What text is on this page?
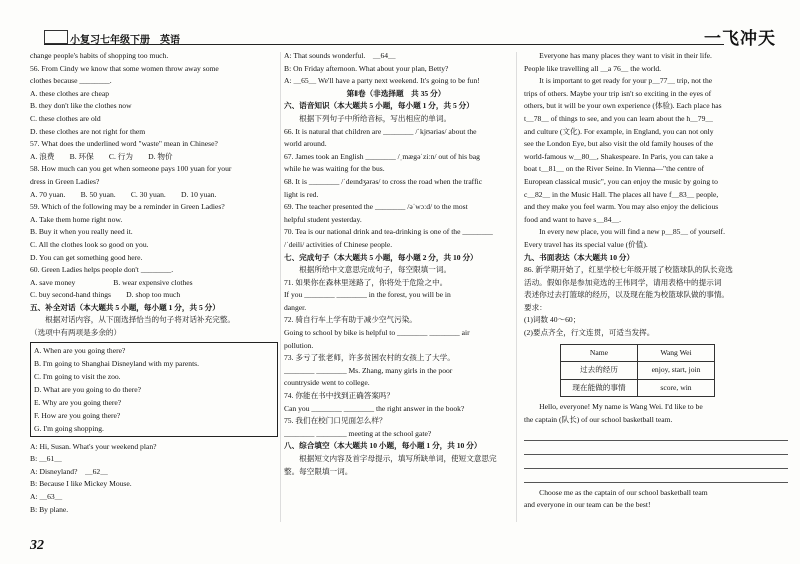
小复习七年级下册　英语	一飞冲天
change people's habits of shopping too much.
56. From Cindy we know that some women throw away some
clothes because ________.
A. these clothes are cheap
B. they don't like the clothes now
C. these clothes are old
D. these clothes are not right for them
57. What does the underlined word "waste" mean in Chinese?
A. 浪费　　B. 环保　　C. 行为　　D. 物价
58. How much can you get when someone pays 100 yuan for your
dress in Green Ladies?
A. 70 yuan.　　B. 50 yuan.　　C. 30 yuan.　　D. 10 yuan.
59. Which of the following may be a reminder in Green Ladies?
A. Take them home right now.
B. Buy it when you really need it.
C. All the clothes look so good on you.
D. You can get something good here.
60. Green Ladies helps people don't ________.
A. save money　　　　　B. wear expensive clothes
C. buy second-hand things　　D. shop too much
五、补全对话（本大题共 5 小题，每小题 1 分，共 5 分）
　　根据对话内容，从下面选择恰当的句子将对话补充完整。
（选项中有两项是多余的）
A. When are you going there?
B. I'm going to Shanghai Disneyland with my parents.
C. I'm going to visit the zoo.
D. What are you going to do there?
E. Why are you going there?
F. How are you going there?
G. I'm going shopping.
A: Hi, Susan. What's your weekend plan?
B: ＿61＿
A: Disneyland?　＿62＿
B: Because I like Mickey Mouse.
A: ＿63＿
B: By plane.
A: That sounds wonderful.　＿64＿
B: On Friday afternoon. What about your plan, Betty?
A: ＿65＿ We'll have a party next weekend. It's going to be fun!
第Ⅱ卷（非选择题　共 35 分）
六、语音知识（本大题共 5 小题，每小题 1 分，共 5 分）
　　根据下列句子中所给音标，写出相应的单词。
66. It is natural that children are ________ /ˈkjʊəriəs/ about the
world around.
67. James took an English ________ /ˌmægəˈziːn/ out of his bag
while he was waiting for the bus.
68. It is ________ /ˈdeɪndʒərəs/ to cross the road when the traffic
light is red.
69. The teacher presented the ________ /əˈwɔːd/ to the most
helpful student yesterday.
70. Tea is our national drink and tea-drinking is one of the ________
/ˈdeili/ activities of Chinese people.
七、完成句子（本大题共 5 小题，每小题 2 分，共 10 分）
　　根据所给中文意思完成句子，每空限填一词。
71. 如果你在森林里迷路了，你将处于危险之中。
If you ________ ________ in the forest, you will be in
danger.
72. 骑自行车上学有助于减少空气污染。
Going to school by bike is helpful to ________ ________ air
pollution.
73. 多亏了张老师，许多贫困农村的女孩上了大学。
________ ________ Ms. Zhang, many girls in the poor
countryside went to college.
74. 你能在书中找到正确答案吗？
Can you ________ ________ the right answer in the book?
75. 我们在校门口见面怎么样？
________ ________ meeting at the school gate?
八、综合填空（本大题共 10 小题，每小题 1 分，共 10 分）
　　根据短文内容及首字母提示，填写所缺单词，使短文意思完
整。每空限填一词。
　　Everyone has many places they want to visit in their life.
People like travelling all ＿a 76＿ the world.
　　It is important to get ready for your p＿77＿ trip, not the
trips of others. Maybe your trip isn't so exciting in the eyes of
others, but it will be your own experience (体验). Each place has
t＿78＿ of things to see, and you can learn about the h＿79＿
and culture (文化). For example, in England, you can not only
see the London Eye, but also visit the old family houses of the
world-famous w＿80＿, Shakespeare. In Paris, you can take a
boat t＿81＿ on the River Seine. In Vienna—"the centre of
European classical music", you can enjoy the music by going to
c＿82＿ in the Music Hall. The places all have f＿83＿ people,
and they make you feel warm. You may also enjoy the delicious
food and want to have s＿84＿.
　　In every new place, you will find a new p＿85＿ of yourself.
Every travel has its special value (价值).
九、书面表达（本大题共 10 分）
86. 新学期开始了，红星学校七年级开展了校篮球队的队长竞选
活动。假如你是参加竞选的王伟同学，请用表格中的提示词
表述你过去打篮球的经历，以及现在能为校篮球队做的事情。
要求：
(1)词数 40～60；
(2)要点齐全，行文连贯，可适当发挥。
Name	Wang Wei
过去的经历	enjoy, start, join
现在能做的事情	score, win
　　Hello, everyone! My name is Wang Wei. I'd like to be
the captain (队长) of our school basketball team.
　　Choose me as the captain of our school basketball team
and everyone in our team can be the best!
32
